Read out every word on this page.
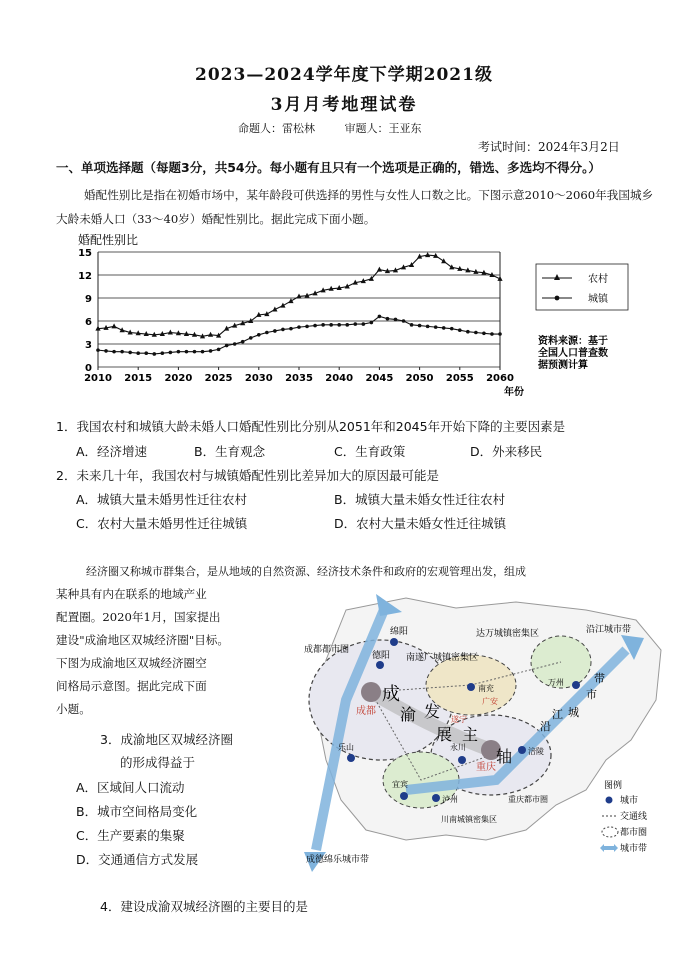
2023—2024学年度下学期2021级
3月月考地理试卷
命题人：雷松林	审题人：王亚东
考试时间：2024年3月2日
一、单项选择题（每题3分，共54分。每小题有且只有一个选项是正确的，错选、多选均不得分。）
婚配性别比是指在初婚市场中，某年龄段可供选择的男性与女性人口数之比。下图示意2010～2060年我国城乡大龄未婚人口（33～40岁）婚配性别比。据此完成下面小题。
婚配性别比
0
3
6
9
12
15
2010 2015 2020 2025 2030 2035 2040 2045 2050 2055 2060
年份
农村
城镇
资料来源：基于
全国人口普查数
据预测计算
1．我国农村和城镇大龄未婚人口婚配性别比分别从2051年和2045年开始下降的主要因素是
A．经济增速	B．生育观念	C．生育政策	D．外来移民
2．未来几十年，我国农村与城镇婚配性别比差异加大的原因最可能是
A．城镇大量未婚男性迁往农村	B．城镇大量未婚女性迁往农村
C．农村大量未婚男性迁往城镇	D．农村大量未婚女性迁往城镇
经济圈又称城市群集合，是从地域的自然资源、经济技术条件和政府的宏观管理出发，组成
某种具有内在联系的地域产业
配置圈。2020年1月，国家提出
建设"成渝地区双城经济圈"目标。
下图为成渝地区双城经济圈空
间格局示意图。据此完成下面
小题。
3．成渝地区双城经济圈
的形成得益于
A．区域间人口流动
B．城市空间格局变化
C．生产要素的集聚
D．交通通信方式发展
4．建设成渝双城经济圈的主要目的是
成都都市圈
绵阳
德阳 南遂广城镇密集区
达万城镇密集区	沿江城市带
成都
南充
广安
遂宁
万州
乐山	永川
重庆
涪陵
宜宾
泸州	重庆都市圈
川南城镇密集区
成德绵乐城市带
成
渝 发
展 主
轴
沿
江 城
市
带
图例
城市
交通线
都市圈
城市带
